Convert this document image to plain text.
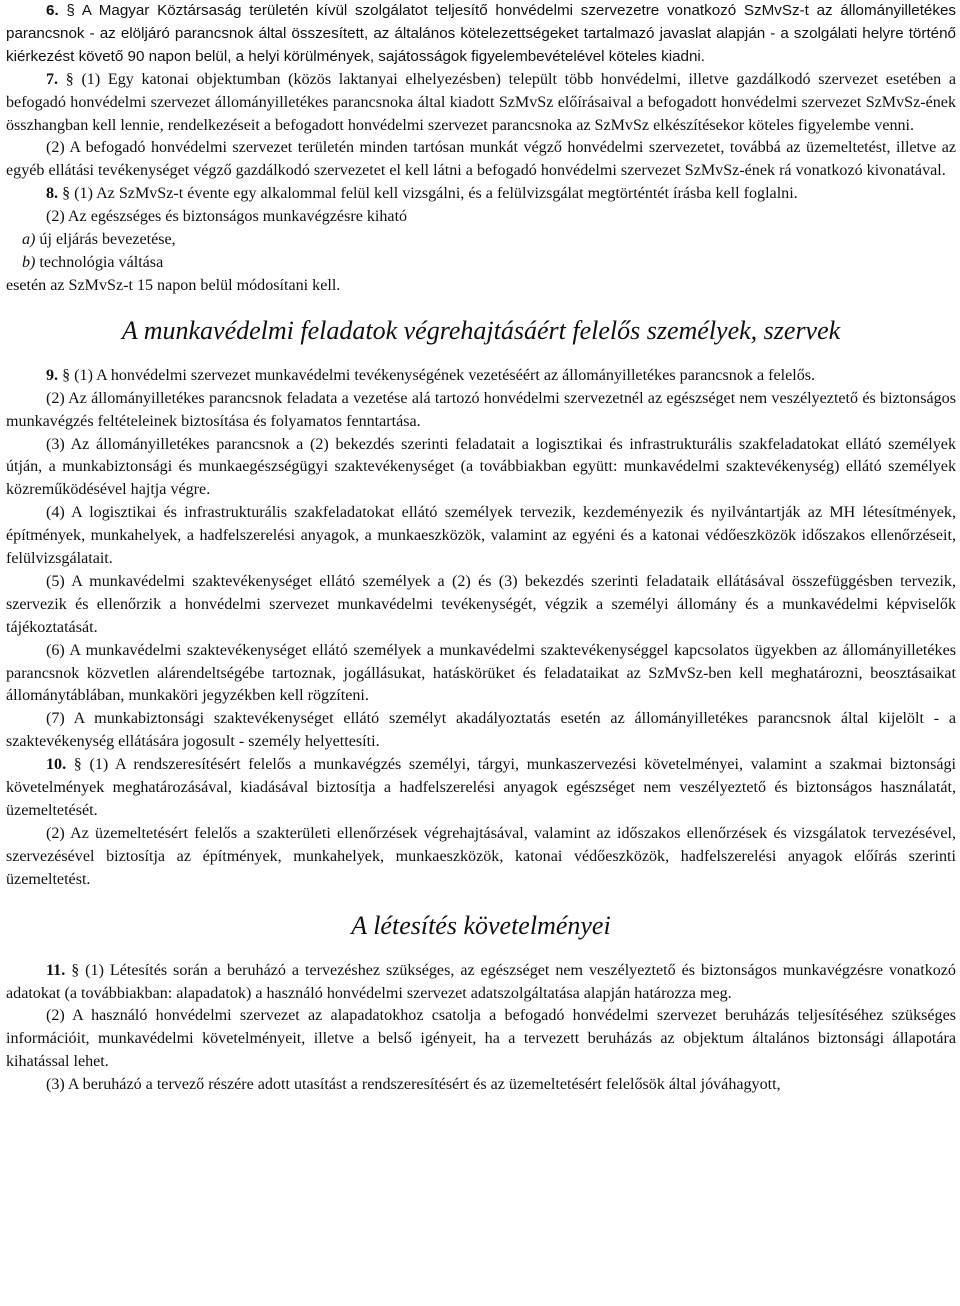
6. § A Magyar Köztársaság területén kívül szolgálatot teljesítő honvédelmi szervezetre vonatkozó SzMvSz-t az állományilletékes parancsnok - az elöljáró parancsnok által összesített, az általános kötelezettségeket tartalmazó javaslat alapján - a szolgálati helyre történő kiérkezést követő 90 napon belül, a helyi körülmények, sajátosságok figyelembevételével köteles kiadni.

7. § (1) Egy katonai objektumban (közös laktanyai elhelyezésben) települt több honvédelmi, illetve gazdálkodó szervezet esetében a befogadó honvédelmi szervezet állományilletékes parancsnoka által kiadott SzMvSz előírásaival a befogadott honvédelmi szervezet SzMvSz-ének összhangban kell lennie, rendelkezéseit a befogadott honvédelmi szervezet parancsnoka az SzMvSz elkészítésekor köteles figyelembe venni.

(2) A befogadó honvédelmi szervezet területén minden tartósan munkát végző honvédelmi szervezetet, továbbá az üzemeltetést, illetve az egyéb ellátási tevékenységet végző gazdálkodó szervezetet el kell látni a befogadó honvédelmi szervezet SzMvSz-ének rá vonatkozó kivonatával.

8. § (1) Az SzMvSz-t évente egy alkalommal felül kell vizsgálni, és a felülvizsgálat megtörténtét írásba kell foglalni.

(2) Az egészséges és biztonságos munkavégzésre kiható

a) új eljárás bevezetése,
b) technológia váltása

esetén az SzMvSz-t 15 napon belül módosítani kell.

A munkavédelmi feladatok végrehajtásáért felelős személyek, szervek

9. § (1) A honvédelmi szervezet munkavédelmi tevékenységének vezetéséért az állományilletékes parancsnok a felelős.

(2) Az állományilletékes parancsnok feladata a vezetése alá tartozó honvédelmi szervezetnél az egészséget nem veszélyeztető és biztonságos munkavégzés feltételeinek biztosítása és folyamatos fenntartása.

(3) Az állományilletékes parancsnok a (2) bekezdés szerinti feladatait a logisztikai és infrastrukturális szakfeladatokat ellátó személyek útján, a munkabiztonsági és munkaegészségügyi szaktevékenységet (a továbbiakban együtt: munkavédelmi szaktevékenység) ellátó személyek közreműködésével hajtja végre.

(4) A logisztikai és infrastrukturális szakfeladatokat ellátó személyek tervezik, kezdeményezik és nyilvántartják az MH létesítmények, építmények, munkahelyek, a hadfelszerelési anyagok, a munkaeszközök, valamint az egyéni és a katonai védőeszközök időszakos ellenőrzéseit, felülvizsgálatait.

(5) A munkavédelmi szaktevékenységet ellátó személyek a (2) és (3) bekezdés szerinti feladataik ellátásával összefüggésben tervezik, szervezik és ellenőrzik a honvédelmi szervezet munkavédelmi tevékenységét, végzik a személyi állomány és a munkavédelmi képviselők tájékoztatását.

(6) A munkavédelmi szaktevékenységet ellátó személyek a munkavédelmi szaktevékenységgel kapcsolatos ügyekben az állományilletékes parancsnok közvetlen alárendeltségébe tartoznak, jogállásukat, hatáskörüket és feladataikat az SzMvSz-ben kell meghatározni, beosztásaikat állománytáblában, munkaköri jegyzékben kell rögzíteni.

(7) A munkabiztonsági szaktevékenységet ellátó személyt akadályoztatás esetén az állományilletékes parancsnok által kijelölt - a szaktevékenység ellátására jogosult - személy helyettesíti.

10. § (1) A rendszeresítésért felelős a munkavégzés személyi, tárgyi, munkaszervezési követelményei, valamint a szakmai biztonsági követelmények meghatározásával, kiadásával biztosítja a hadfelszerelési anyagok egészséget nem veszélyeztető és biztonságos használatát, üzemeltetését.

(2) Az üzemeltetésért felelős a szakterületi ellenőrzések végrehajtásával, valamint az időszakos ellenőrzések és vizsgálatok tervezésével, szervezésével biztosítja az építmények, munkahelyek, munkaeszközök, katonai védőeszközök, hadfelszerelési anyagok előírás szerinti üzemeltetést.

A létesítés követelményei

11. § (1) Létesítés során a beruházó a tervezéshez szükséges, az egészséget nem veszélyeztető és biztonságos munkavégzésre vonatkozó adatokat (a továbbiakban: alapadatok) a használó honvédelmi szervezet adatszolgáltatása alapján határozza meg.

(2) A használó honvédelmi szervezet az alapadatokhoz csatolja a befogadó honvédelmi szervezet beruházás teljesítéséhez szükséges információit, munkavédelmi követelményeit, illetve a belső igényeit, ha a tervezett beruházás az objektum általános biztonsági állapotára kihatással lehet.

(3) A beruházó a tervező részére adott utasítást a rendszeresítésért és az üzemeltetésért felelősök által jóváhagyott,
